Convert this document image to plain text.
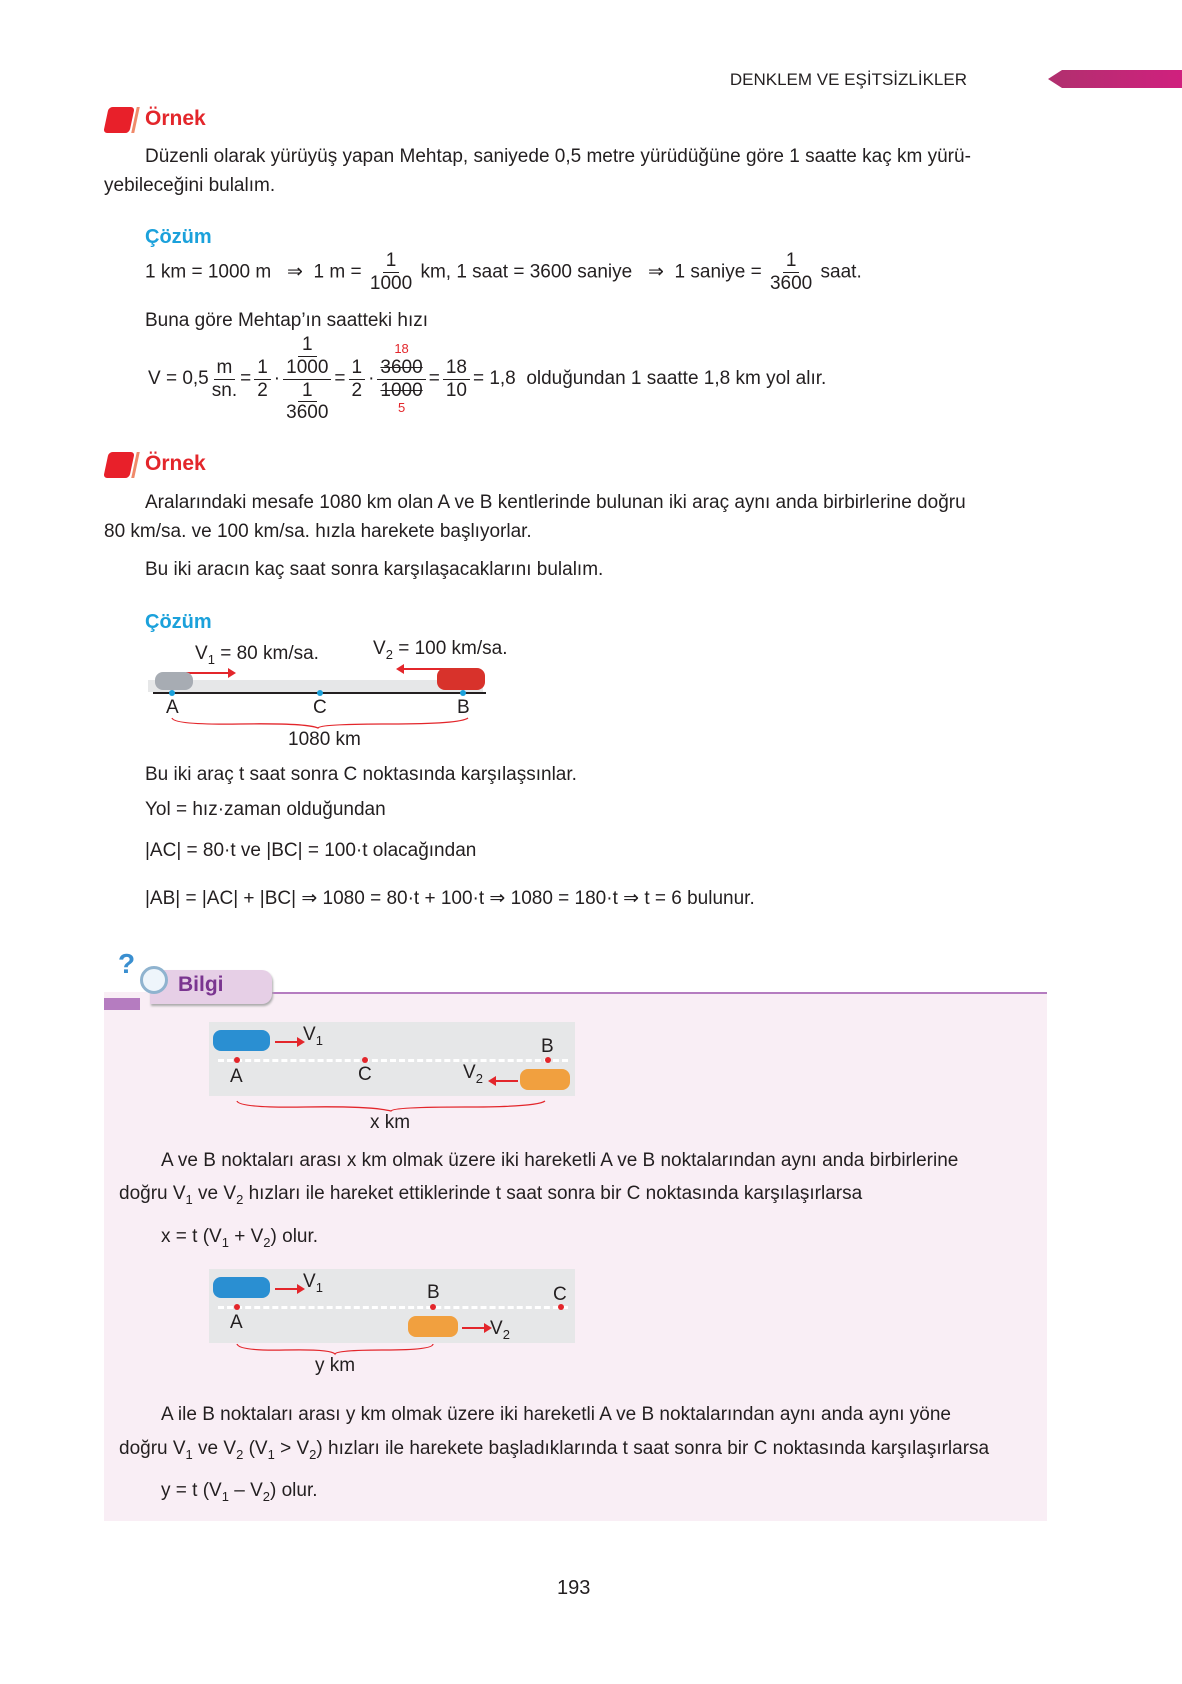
DENKLEM VE EŞİTSİZLİKLER
Örnek
Düzenli olarak yürüyüş yapan Mehtap, saniyede 0,5 metre yürüdüğüne göre 1 saatte kaç km yürü-
yebileceğini bulalım.
Çözüm
1 km = 1000 m ⇒ 1 $m = \frac{1}{1000}$ km, 1 saat = 3600 saniye ⇒ 1 saniye = $\frac{1}{3600}$ saat.
Buna göre Mehtap’ın saatteki hızı
$V = 0,5 \frac{m}{sn.} = \frac{1}{2} \cdot \frac{\frac{1}{1000}}{\frac{1}{3600}} = \frac{1}{2}$ ·
18
3600
1000
5
= $\frac{18}{10} = 1,8$
olduğundan 1 saatte 1,8 km yol alır.
Örnek
Aralarındaki mesafe 1080 km olan A ve B kentlerinde bulunan iki araç aynı anda birbirlerine doğru
80 km/sa. ve 100 km/sa. hızla harekete başlıyorlar.
Bu iki aracın kaç saat sonra karşılaşacaklarını bulalım.
Çözüm
$V_1 = 80$ km/sa.	$V_2 = 100$ km/sa.
A	C	B
1080 km
Bu iki araç t saat sonra C noktasında karşılaşsınlar.
Yol = hız·zaman olduğundan
|AC| = 80·t ve |BC| = 100·t olacağından
|AB| = |AC| + |BC| ⇒ 1080 = 80·t + 100·t ⇒ 1080 = 180·t ⇒ t = 6 bulunur.
?
Bilgi
$V_1$
$V_2$
A	C
B
x km
A ve B noktaları arası x km olmak üzere iki hareketli A ve B noktalarından aynı anda birbirlerine
doğru $V_1$ ve $V_2$ hızları ile hareket ettiklerinde t saat sonra bir C noktasında karşılaşırlarsa
x = t $(V_1 + V_2)$ olur.
$V_1$
$V_2$
A
B	C
y km
A ile B noktaları arası y km olmak üzere iki hareketli A ve B noktalarından aynı anda aynı yöne
doğru $V_1$ ve $V_2$ $(V_1 > V_2)$ hızları ile harekete başladıklarında t saat sonra bir C noktasında karşılaşırlarsa
y = t $(V_1 - V_2)$ olur.
193
